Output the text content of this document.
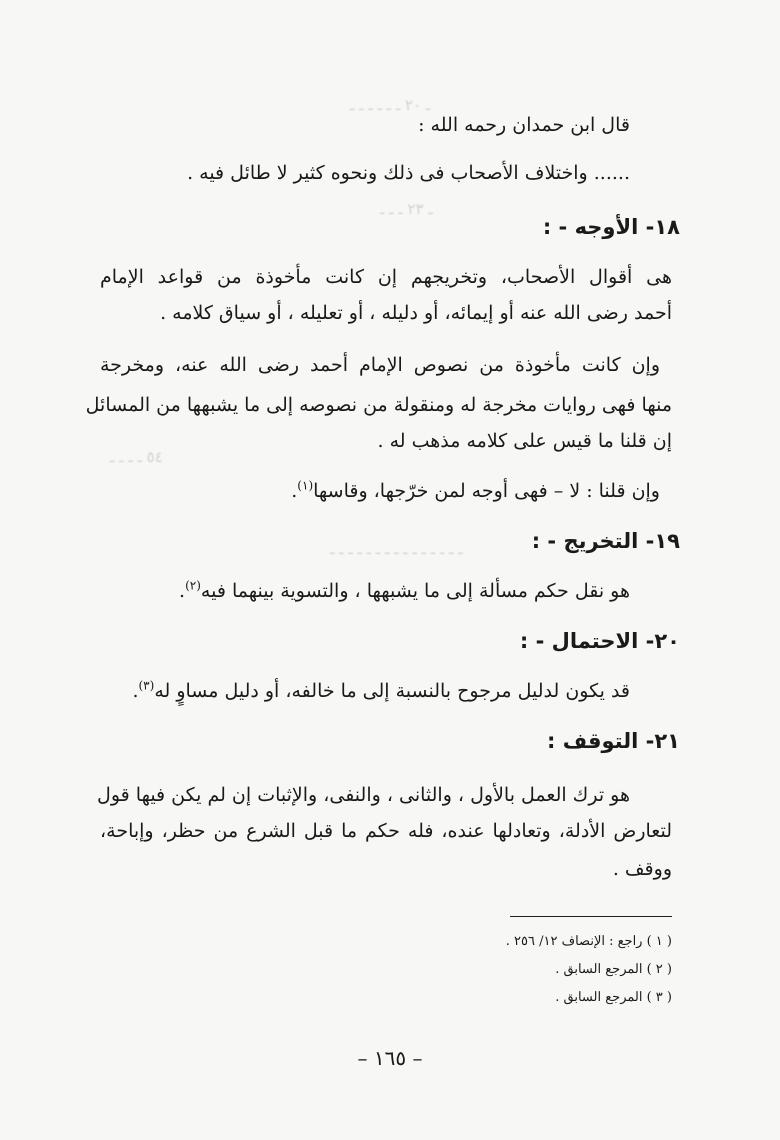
﻿ ـ ٢٠ ـ ـ ـ ـ ـ ـ
ـ ٢٣ ـ ـ ـ
٥٤ ـ ـ ـ ـ
ـ ـ ـ ـ ـ ـ ـ ـ ـ ـ ـ ـ ـ ـ ـ
قال ابن حمدان رحمه الله :
...... واختلاف الأصحاب فى ذلك ونحوه كثير لا طائل فيه .
١٨- الأوجه - :
هى أقوال الأصحاب، وتخريجهم إن كانت مأخوذة من قواعد الإمام
أحمد رضى الله عنه أو إيمائه، أو دليله ، أو تعليله ، أو سياق كلامه .
وإن كانت مأخوذة من نصوص الإمام أحمد رضى الله عنه، ومخرجة
منها فهى روايات مخرجة له ومنقولة من نصوصه إلى ما يشبهها من المسائل
إن قلنا ما قيس على كلامه مذهب له .
وإن قلنا : لا – فهى أوجه لمن خرّجها، وقاسها$^{(١)}$.
١٩- التخريج - :
هو نقل حكم مسألة إلى ما يشبهها ، والتسوية بينهما فيه$^{(٢)}$.
٢٠- الاحتمال - :
قد يكون لدليل مرجوح بالنسبة إلى ما خالفه، أو دليل مساوٍ له$^{(٣)}$.
٢١- التوقف :
هو ترك العمل بالأول ، والثانى ، والنفى، والإثبات إن لم يكن فيها قول
لتعارض الأدلة، وتعادلها عنده، فله حكم ما قبل الشرع من حظر، وإباحة،
ووقف .
( ١ ) راجع : الإنصاف ١٢/ ٢٥٦ .
( ٢ ) المرجع السابق .
( ٣ ) المرجع السابق .
– ١٦٥ –
